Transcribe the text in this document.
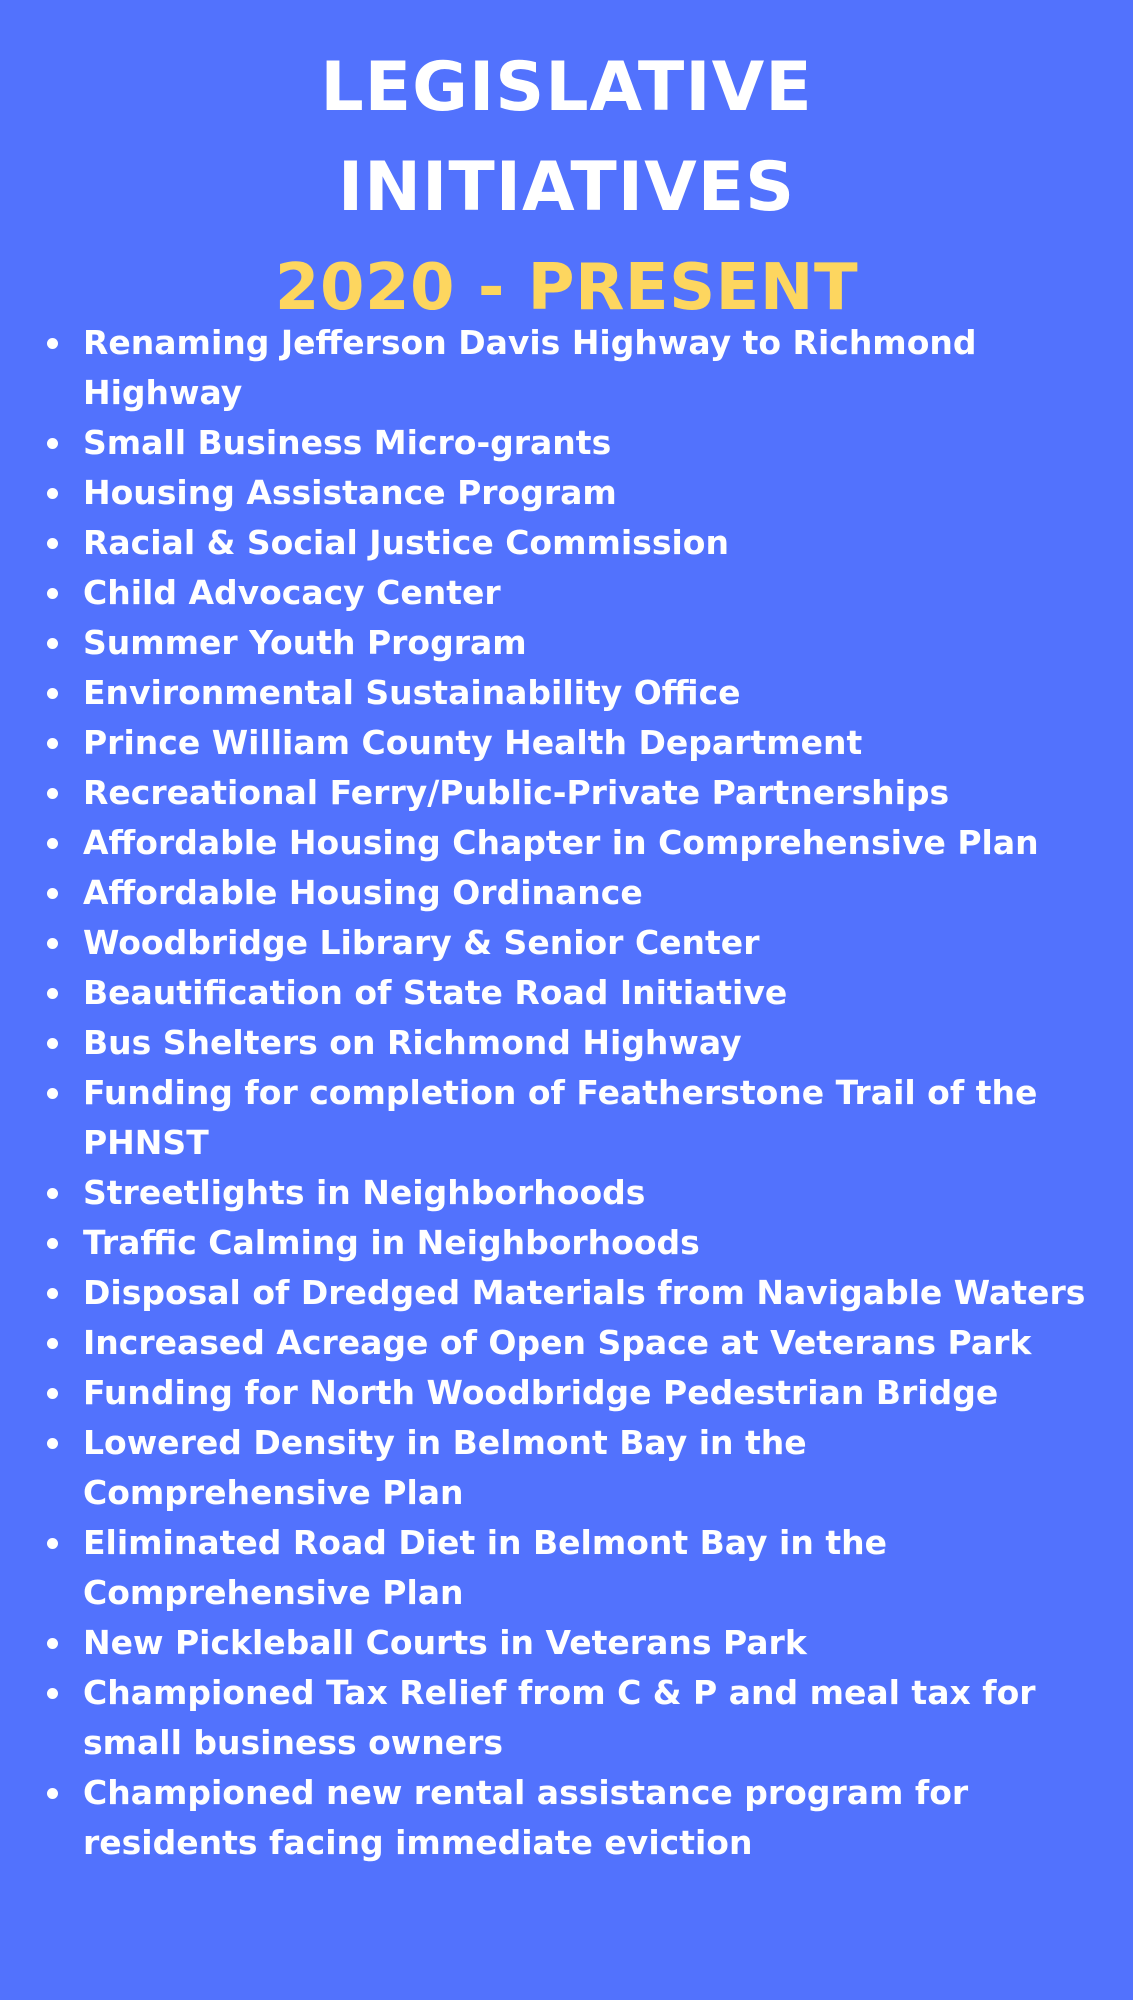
LEGISLATIVE
INITIATIVES
2020 - PRESENT
Renaming Jefferson Davis Highway to Richmond Highway
Small Business Micro-grants
Housing Assistance Program
Racial & Social Justice Commission
Child Advocacy Center
Summer Youth Program
Environmental Sustainability Office
Prince William County Health Department
Recreational Ferry/Public-Private Partnerships
Affordable Housing Chapter in Comprehensive Plan
Affordable Housing Ordinance
Woodbridge Library & Senior Center
Beautification of State Road Initiative
Bus Shelters on Richmond Highway
Funding for completion of Featherstone Trail of the PHNST
Streetlights in Neighborhoods
Traffic Calming in Neighborhoods
Disposal of Dredged Materials from Navigable Waters
Increased Acreage of Open Space at Veterans Park
Funding for North Woodbridge Pedestrian Bridge
Lowered Density in Belmont Bay in the Comprehensive Plan
Eliminated Road Diet in Belmont Bay in the Comprehensive Plan
New Pickleball Courts in Veterans Park
Championed Tax Relief from C & P and meal tax for small business owners
Championed new rental assistance program for residents facing immediate eviction
